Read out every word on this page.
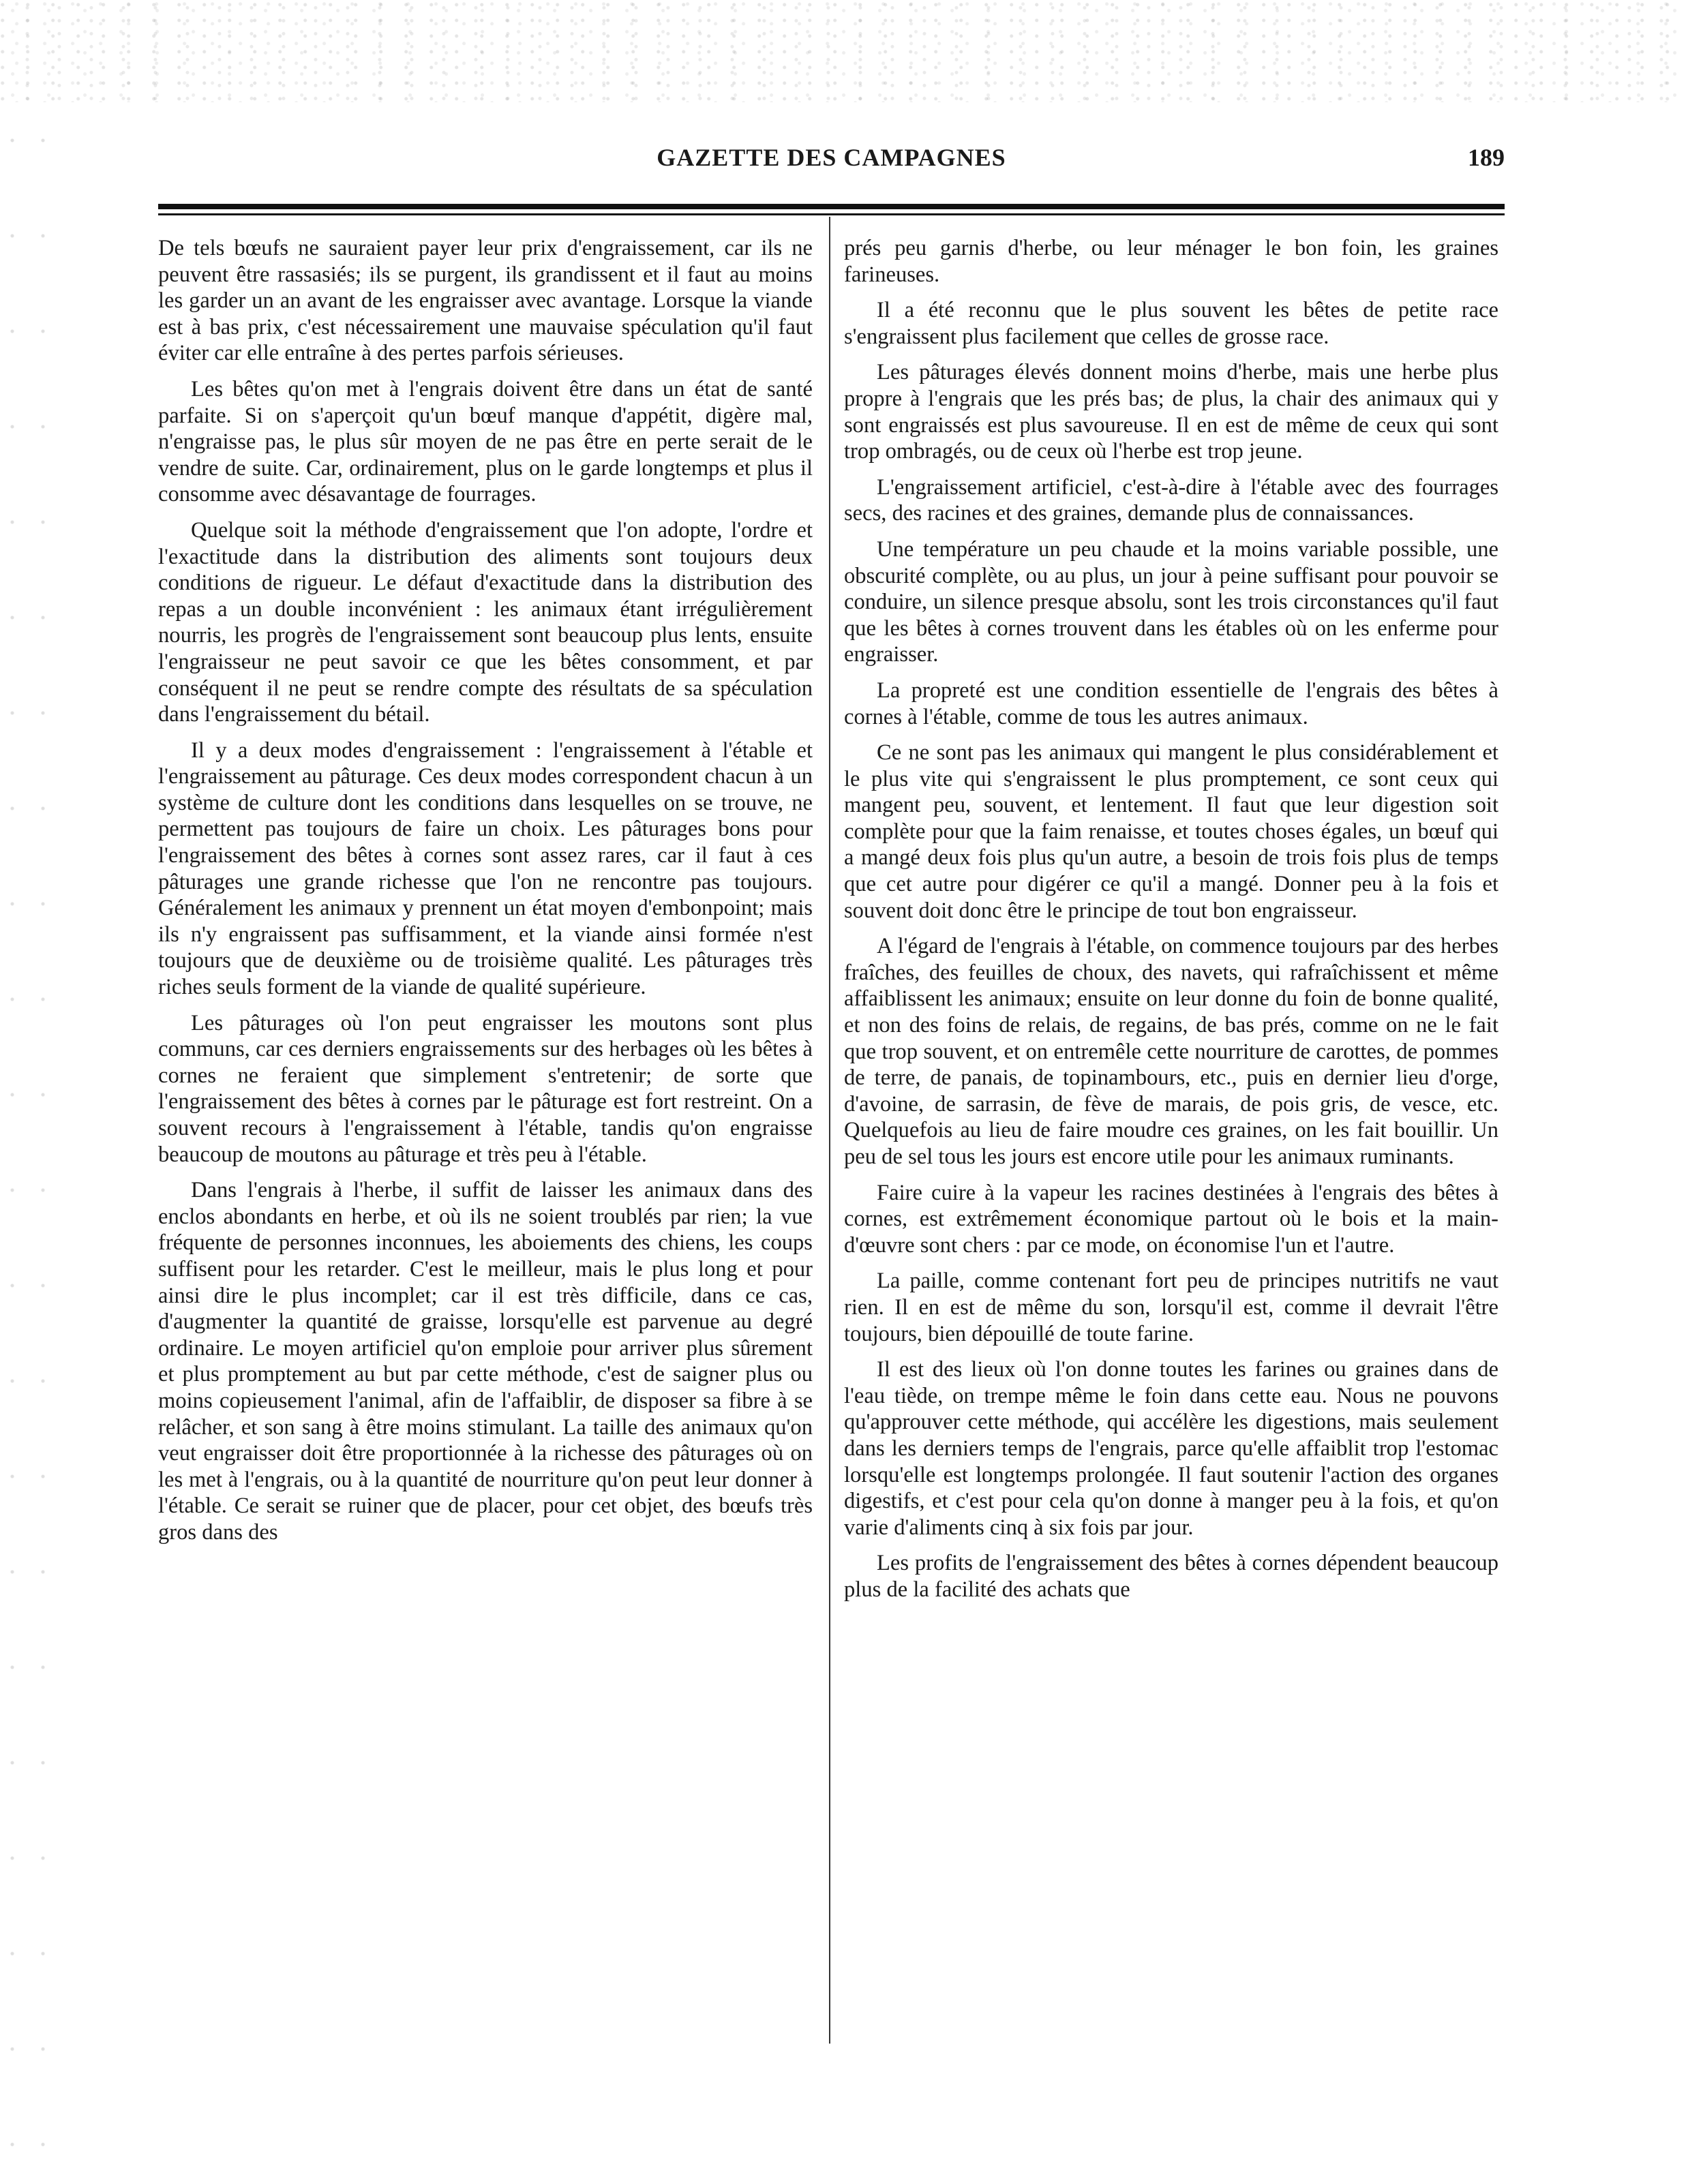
GAZETTE DES CAMPAGNES	189

De tels bœufs ne sauraient payer leur prix d'engraissement, car ils ne peuvent être rassasiés; ils se purgent, ils grandissent et il faut au moins les garder un an avant de les engraisser avec avantage. Lorsque la viande est à bas prix, c'est nécessairement une mauvaise spéculation qu'il faut éviter car elle entraîne à des pertes parfois sérieuses.

Les bêtes qu'on met à l'engrais doivent être dans un état de santé parfaite. Si on s'aperçoit qu'un bœuf manque d'appétit, digère mal, n'engraisse pas, le plus sûr moyen de ne pas être en perte serait de le vendre de suite. Car, ordinairement, plus on le garde longtemps et plus il consomme avec désavantage de fourrages.

Quelque soit la méthode d'engraissement que l'on adopte, l'ordre et l'exactitude dans la distribution des aliments sont toujours deux conditions de rigueur. Le défaut d'exactitude dans la distribution des repas a un double inconvénient : les animaux étant irrégulièrement nourris, les progrès de l'engraissement sont beaucoup plus lents, ensuite l'engraisseur ne peut savoir ce que les bêtes consomment, et par conséquent il ne peut se rendre compte des résultats de sa spéculation dans l'engraissement du bétail.

Il y a deux modes d'engraissement : l'engraissement à l'étable et l'engraissement au pâturage. Ces deux modes correspondent chacun à un système de culture dont les conditions dans lesquelles on se trouve, ne permettent pas toujours de faire un choix. Les pâturages bons pour l'engraissement des bêtes à cornes sont assez rares, car il faut à ces pâturages une grande richesse que l'on ne rencontre pas toujours. Généralement les animaux y prennent un état moyen d'embonpoint; mais ils n'y engraissent pas suffisamment, et la viande ainsi formée n'est toujours que de deuxième ou de troisième qualité. Les pâturages très riches seuls forment de la viande de qualité supérieure.

Les pâturages où l'on peut engraisser les moutons sont plus communs, car ces derniers engraissements sur des herbages où les bêtes à cornes ne feraient que simplement s'entretenir; de sorte que l'engraissement des bêtes à cornes par le pâturage est fort restreint. On a souvent recours à l'engraissement à l'étable, tandis qu'on engraisse beaucoup de moutons au pâturage et très peu à l'étable.

Dans l'engrais à l'herbe, il suffit de laisser les animaux dans des enclos abondants en herbe, et où ils ne soient troublés par rien; la vue fréquente de personnes inconnues, les aboiements des chiens, les coups suffisent pour les retarder. C'est le meilleur, mais le plus long et pour ainsi dire le plus incomplet; car il est très difficile, dans ce cas, d'augmenter la quantité de graisse, lorsqu'elle est parvenue au degré ordinaire. Le moyen artificiel qu'on emploie pour arriver plus sûrement et plus promptement au but par cette méthode, c'est de saigner plus ou moins copieusement l'animal, afin de l'affaiblir, de disposer sa fibre à se relâcher, et son sang à être moins stimulant. La taille des animaux qu'on veut engraisser doit être proportionnée à la richesse des pâturages où on les met à l'engrais, ou à la quantité de nourriture qu'on peut leur donner à l'étable. Ce serait se ruiner que de placer, pour cet objet, des bœufs très gros dans des

prés peu garnis d'herbe, ou leur ménager le bon foin, les graines farineuses.

Il a été reconnu que le plus souvent les bêtes de petite race s'engraissent plus facilement que celles de grosse race.

Les pâturages élevés donnent moins d'herbe, mais une herbe plus propre à l'engrais que les prés bas; de plus, la chair des animaux qui y sont engraissés est plus savoureuse. Il en est de même de ceux qui sont trop ombragés, ou de ceux où l'herbe est trop jeune.

L'engraissement artificiel, c'est-à-dire à l'étable avec des fourrages secs, des racines et des graines, demande plus de connaissances.

Une température un peu chaude et la moins variable possible, une obscurité complète, ou au plus, un jour à peine suffisant pour pouvoir se conduire, un silence presque absolu, sont les trois circonstances qu'il faut que les bêtes à cornes trouvent dans les étables où on les enferme pour engraisser.

La propreté est une condition essentielle de l'engrais des bêtes à cornes à l'étable, comme de tous les autres animaux.

Ce ne sont pas les animaux qui mangent le plus considérablement et le plus vite qui s'engraissent le plus promptement, ce sont ceux qui mangent peu, souvent, et lentement. Il faut que leur digestion soit complète pour que la faim renaisse, et toutes choses égales, un bœuf qui a mangé deux fois plus qu'un autre, a besoin de trois fois plus de temps que cet autre pour digérer ce qu'il a mangé. Donner peu à la fois et souvent doit donc être le principe de tout bon engraisseur.

A l'égard de l'engrais à l'étable, on commence toujours par des herbes fraîches, des feuilles de choux, des navets, qui rafraîchissent et même affaiblissent les animaux; ensuite on leur donne du foin de bonne qualité, et non des foins de relais, de regains, de bas prés, comme on ne le fait que trop souvent, et on entremêle cette nourriture de carottes, de pommes de terre, de panais, de topinambours, etc., puis en dernier lieu d'orge, d'avoine, de sarrasin, de fève de marais, de pois gris, de vesce, etc. Quelquefois au lieu de faire moudre ces graines, on les fait bouillir. Un peu de sel tous les jours est encore utile pour les animaux ruminants.

Faire cuire à la vapeur les racines destinées à l'engrais des bêtes à cornes, est extrêmement économique partout où le bois et la main-d'œuvre sont chers : par ce mode, on économise l'un et l'autre.

La paille, comme contenant fort peu de principes nutritifs ne vaut rien. Il en est de même du son, lorsqu'il est, comme il devrait l'être toujours, bien dépouillé de toute farine.

Il est des lieux où l'on donne toutes les farines ou graines dans de l'eau tiède, on trempe même le foin dans cette eau. Nous ne pouvons qu'approuver cette méthode, qui accélère les digestions, mais seulement dans les derniers temps de l'engrais, parce qu'elle affaiblit trop l'estomac lorsqu'elle est longtemps prolongée. Il faut soutenir l'action des organes digestifs, et c'est pour cela qu'on donne à manger peu à la fois, et qu'on varie d'aliments cinq à six fois par jour.

Les profits de l'engraissement des bêtes à cornes dépendent beaucoup plus de la facilité des achats que
